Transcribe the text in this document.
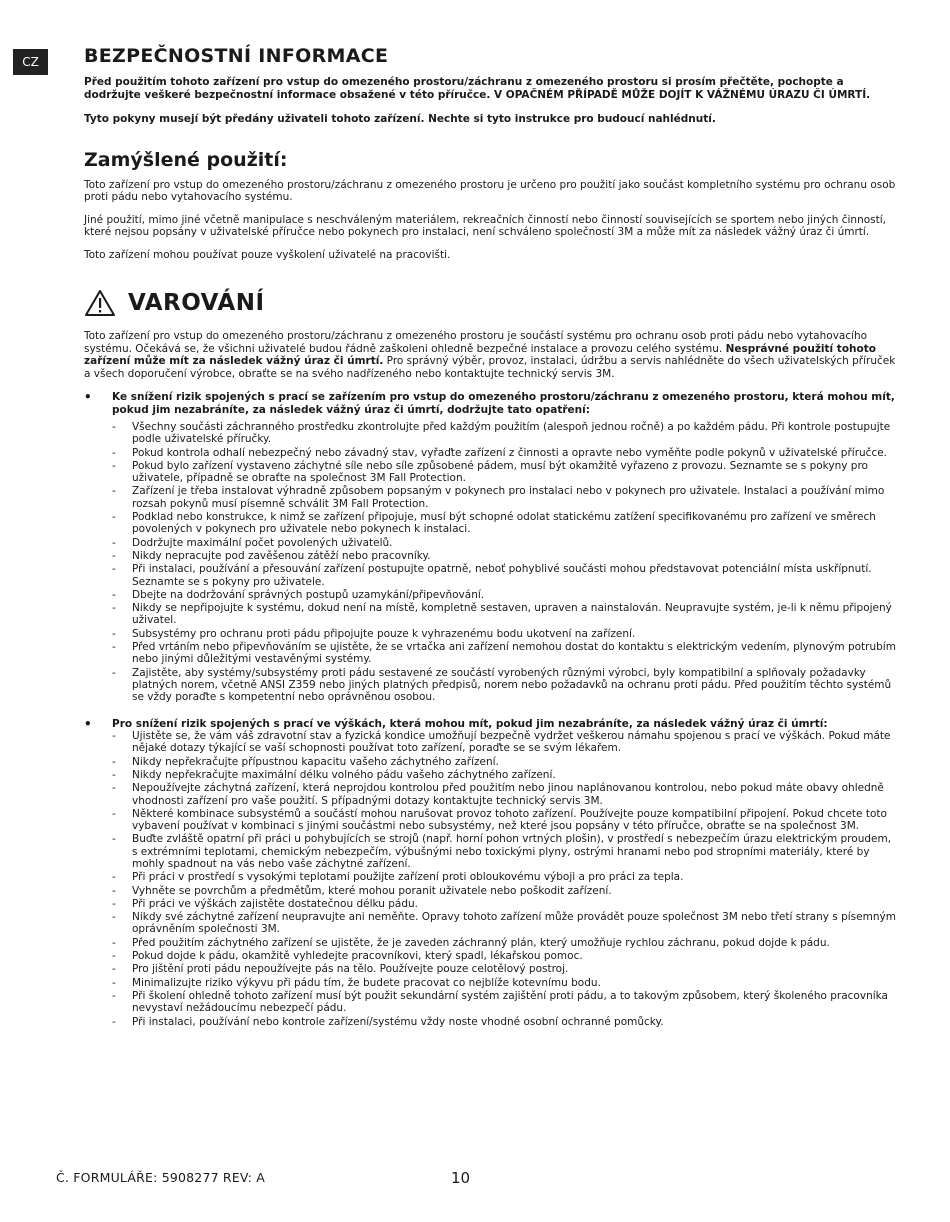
CZ	BEZPEČNOSTNÍ INFORMACE

Před použitím tohoto zařízení pro vstup do omezeného prostoru/záchranu z omezeného prostoru si prosím přečtěte, pochopte a dodržujte veškeré bezpečnostní informace obsažené v této příručce. V OPAČNÉM PŘÍPADĚ MŮŽE DOJÍT K VÁŽNÉMU ÚRAZU ČI ÚMRTÍ.

Tyto pokyny musejí být předány uživateli tohoto zařízení. Nechte si tyto instrukce pro budoucí nahlédnutí.

Zamýšlené použití:

Toto zařízení pro vstup do omezeného prostoru/záchranu z omezeného prostoru je určeno pro použití jako součást kompletního systému pro ochranu osob proti pádu nebo vytahovacího systému.

Jiné použití, mimo jiné včetně manipulace s neschváleným materiálem, rekreačních činností nebo činností souvisejících se sportem nebo jiných činností, které nejsou popsány v uživatelské příručce nebo pokynech pro instalaci, není schváleno společností 3M a může mít za následek vážný úraz či úmrtí.

Toto zařízení mohou používat pouze vyškolení uživatelé na pracovišti.

VAROVÁNÍ

Toto zařízení pro vstup do omezeného prostoru/záchranu z omezeného prostoru je součástí systému pro ochranu osob proti pádu nebo vytahovacího systému. Očekává se, že všichni uživatelé budou řádně zaškoleni ohledně bezpečné instalace a provozu celého systému. Nesprávné použití tohoto zařízení může mít za následek vážný úraz či úmrtí. Pro správný výběr, provoz, instalaci, údržbu a servis nahlédněte do všech uživatelských příruček a všech doporučení výrobce, obraťte se na svého nadřízeného nebo kontaktujte technický servis 3M.

• Ke snížení rizik spojených s prací se zařízením pro vstup do omezeného prostoru/záchranu z omezeného prostoru, která mohou mít, pokud jim nezabráníte, za následek vážný úraz či úmrtí, dodržujte tato opatření:
- Všechny součásti záchranného prostředku zkontrolujte před každým použitím (alespoň jednou ročně) a po každém pádu. Při kontrole postupujte podle uživatelské příručky.
- Pokud kontrola odhalí nebezpečný nebo závadný stav, vyřaďte zařízení z činnosti a opravte nebo vyměňte podle pokynů v uživatelské příručce.
- Pokud bylo zařízení vystaveno záchytné síle nebo síle způsobené pádem, musí být okamžitě vyřazeno z provozu. Seznamte se s pokyny pro uživatele, případně se obraťte na společnost 3M Fall Protection.
- Zařízení je třeba instalovat výhradně způsobem popsaným v pokynech pro instalaci nebo v pokynech pro uživatele. Instalaci a používání mimo rozsah pokynů musí písemně schválit 3M Fall Protection.
- Podklad nebo konstrukce, k nimž se zařízení připojuje, musí být schopné odolat statickému zatížení specifikovanému pro zařízení ve směrech povolených v pokynech pro uživatele nebo pokynech k instalaci.
- Dodržujte maximální počet povolených uživatelů.
- Nikdy nepracujte pod zavěšenou zátěží nebo pracovníky.
- Při instalaci, používání a přesouvání zařízení postupujte opatrně, neboť pohyblivé součásti mohou představovat potenciální místa uskřípnutí. Seznamte se s pokyny pro uživatele.
- Dbejte na dodržování správných postupů uzamykání/připevňování.
- Nikdy se nepřipojujte k systému, dokud není na místě, kompletně sestaven, upraven a nainstalován. Neupravujte systém, je-li k němu připojený uživatel.
- Subsystémy pro ochranu proti pádu připojujte pouze k vyhrazenému bodu ukotvení na zařízení.
- Před vrtáním nebo připevňováním se ujistěte, že se vrtačka ani zařízení nemohou dostat do kontaktu s elektrickým vedením, plynovým potrubím nebo jinými důležitými vestavěnými systémy.
- Zajistěte, aby systémy/subsystémy proti pádu sestavené ze součástí vyrobených různými výrobci, byly kompatibilní a splňovaly požadavky platných norem, včetně ANSI Z359 nebo jiných platných předpisů, norem nebo požadavků na ochranu proti pádu. Před použitím těchto systémů se vždy poraďte s kompetentní nebo oprávněnou osobou.
• Pro snížení rizik spojených s prací ve výškách, která mohou mít, pokud jim nezabráníte, za následek vážný úraz či úmrtí:
- Ujistěte se, že vám váš zdravotní stav a fyzická kondice umožňují bezpečně vydržet veškerou námahu spojenou s prací ve výškách. Pokud máte nějaké dotazy týkající se vaší schopnosti používat toto zařízení, poraďte se se svým lékařem.
- Nikdy nepřekračujte přípustnou kapacitu vašeho záchytného zařízení.
- Nikdy nepřekračujte maximální délku volného pádu vašeho záchytného zařízení.
- Nepoužívejte záchytná zařízení, která neprojdou kontrolou před použitím nebo jinou naplánovanou kontrolou, nebo pokud máte obavy ohledně vhodnosti zařízení pro vaše použití. S případnými dotazy kontaktujte technický servis 3M.
- Některé kombinace subsystémů a součástí mohou narušovat provoz tohoto zařízení. Používejte pouze kompatibilní připojení. Pokud chcete toto vybavení používat v kombinaci s jinými součástmi nebo subsystémy, než které jsou popsány v této příručce, obraťte se na společnost 3M.
- Buďte zvláště opatrní při práci u pohybujících se strojů (např. horní pohon vrtných plošin), v prostředí s nebezpečím úrazu elektrickým proudem, s extrémními teplotami, chemickým nebezpečím, výbušnými nebo toxickými plyny, ostrými hranami nebo pod stropními materiály, které by mohly spadnout na vás nebo vaše záchytné zařízení.
- Při práci v prostředí s vysokými teplotami použijte zařízení proti obloukovému výboji a pro práci za tepla.
- Vyhněte se povrchům a předmětům, které mohou poranit uživatele nebo poškodit zařízení.
- Při práci ve výškách zajistěte dostatečnou délku pádu.
- Nikdy své záchytné zařízení neupravujte ani neměňte. Opravy tohoto zařízení může provádět pouze společnost 3M nebo třetí strany s písemným oprávněním společnosti 3M.
- Před použitím záchytného zařízení se ujistěte, že je zaveden záchranný plán, který umožňuje rychlou záchranu, pokud dojde k pádu.
- Pokud dojde k pádu, okamžitě vyhledejte pracovníkovi, který spadl, lékařskou pomoc.
- Pro jištění proti pádu nepoužívejte pás na tělo. Používejte pouze celotělový postroj.
- Minimalizujte riziko výkyvu při pádu tím, že budete pracovat co nejblíže kotevnímu bodu.
- Při školení ohledně tohoto zařízení musí být použit sekundární systém zajištění proti pádu, a to takovým způsobem, který školeného pracovníka nevystaví nežádoucímu nebezpečí pádu.
- Při instalaci, používání nebo kontrole zařízení/systému vždy noste vhodné osobní ochranné pomůcky.
Č. FORMULÁŘE: 5908277 REV: A	10
